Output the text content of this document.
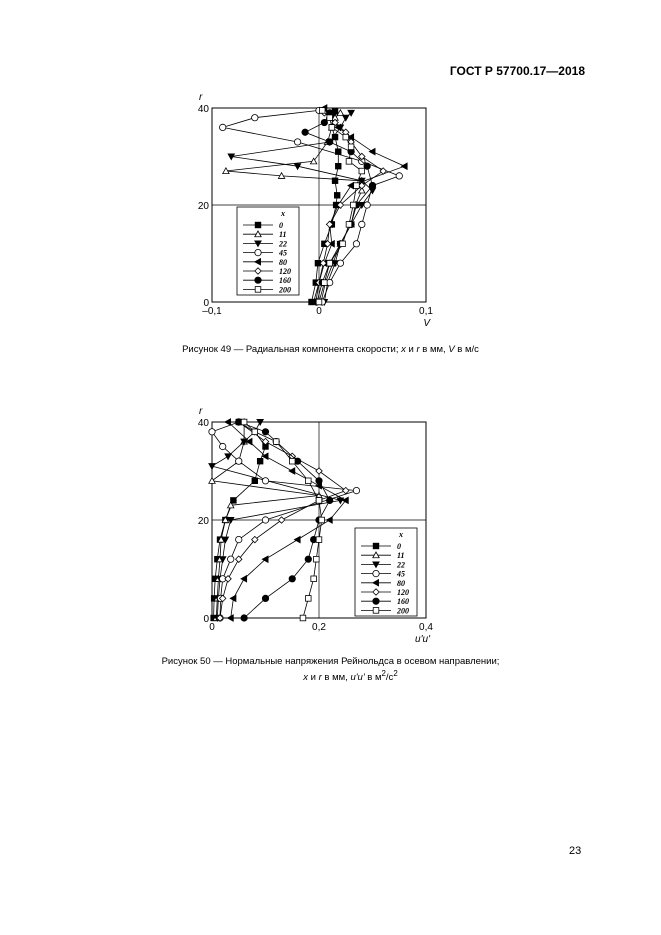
ГОСТ Р 57700.17—2018
–0,1	0	0,1
0
20
40
r
V
x
0
11
22
45
80
120
160
200
0	0,2	0,4
0
20
40
r
u'u'
x
0
11
22
45
80
120
160
200
Рисунок 49 — Радиальная компонента скорости; x и r в мм, V в м/с
Рисунок 50 — Нормальные напряжения Рейнольдса в осевом направлении;
x и r в мм, u'u' в $м^2/с^2$
23
